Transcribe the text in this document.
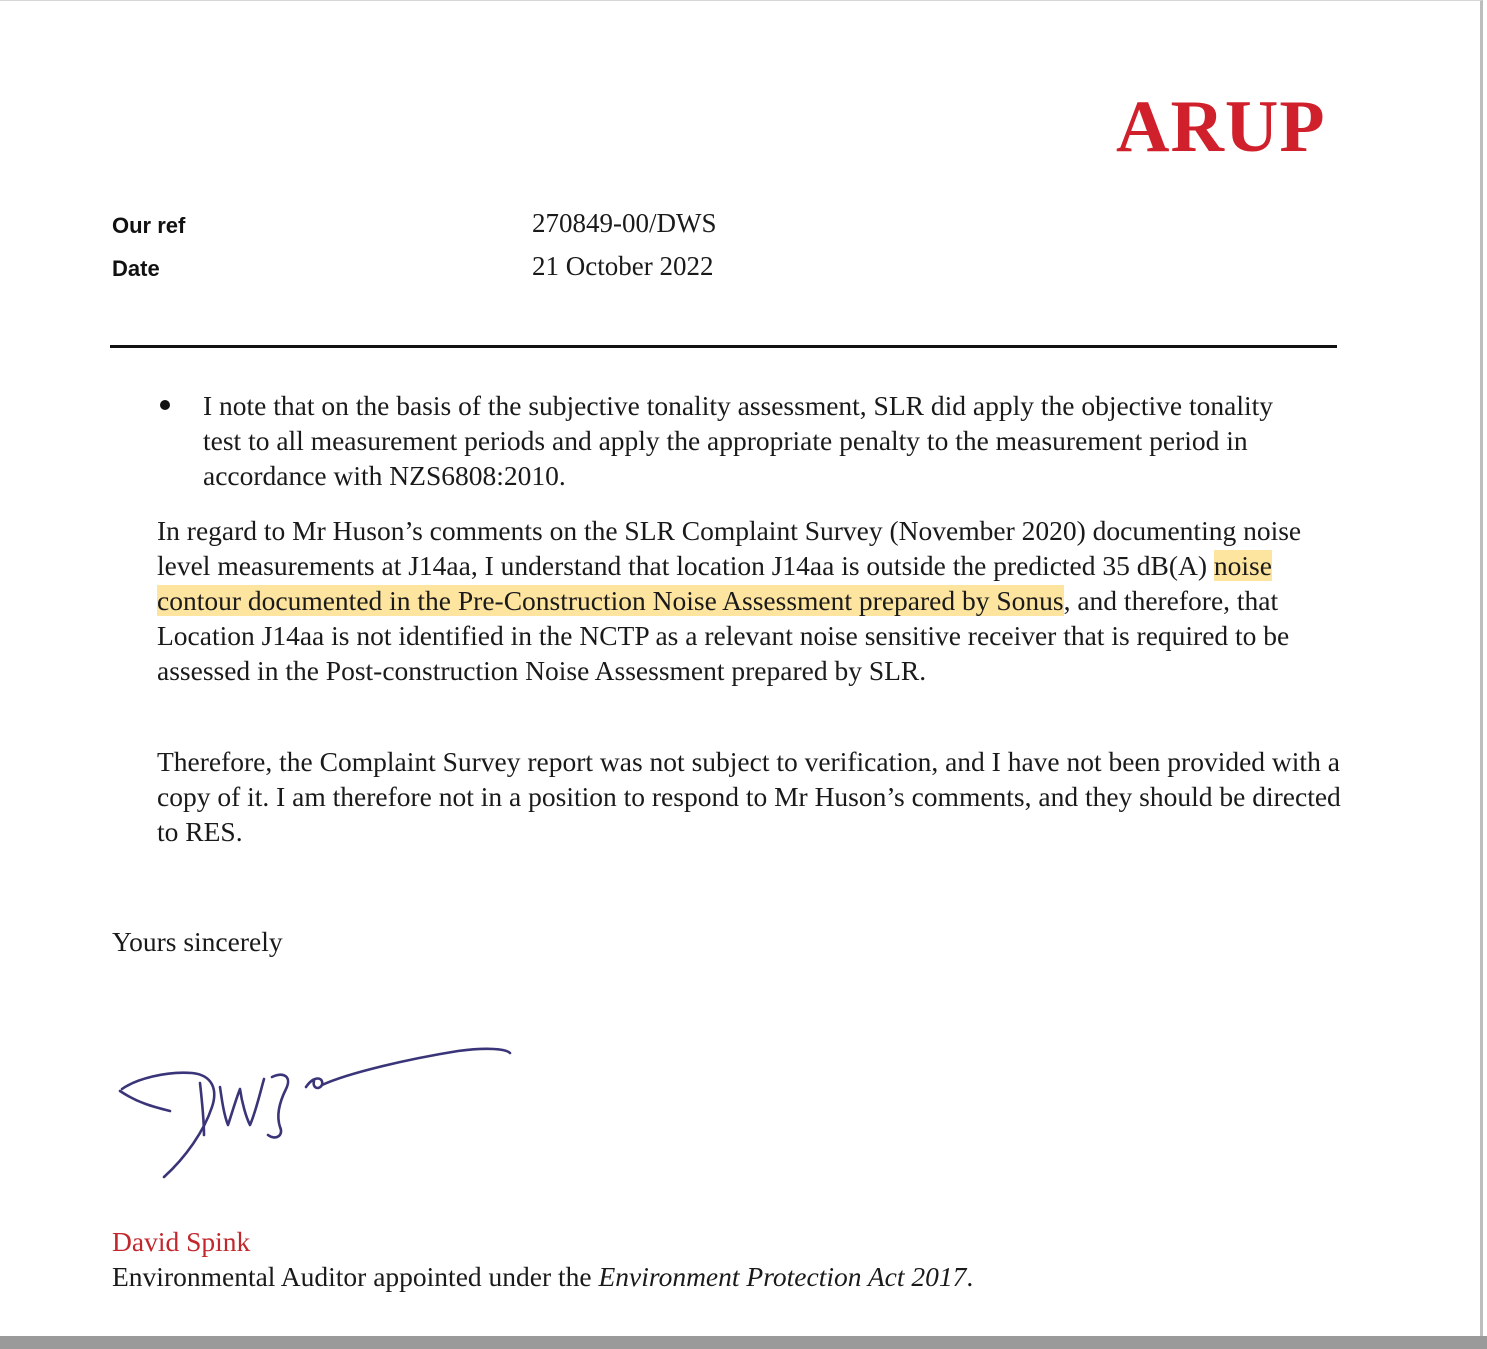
ARUP
Our ref	270849-00/DWS
Date	21 October 2022

I note that on the basis of the subjective tonality assessment, SLR did apply the objective tonality test to all measurement periods and apply the appropriate penalty to the measurement period in accordance with NZS6808:2010.

In regard to Mr Huson’s comments on the SLR Complaint Survey (November 2020) documenting noise level measurements at J14aa, I understand that location J14aa is outside the predicted 35 dB(A) noise contour documented in the Pre-Construction Noise Assessment prepared by Sonus, and therefore, that Location J14aa is not identified in the NCTP as a relevant noise sensitive receiver that is required to be assessed in the Post-construction Noise Assessment prepared by SLR.

Therefore, the Complaint Survey report was not subject to verification, and I have not been provided with a copy of it. I am therefore not in a position to respond to Mr Huson’s comments, and they should be directed to RES.

Yours sincerely
David Spink
Environmental Auditor appointed under the Environment Protection Act 2017.
